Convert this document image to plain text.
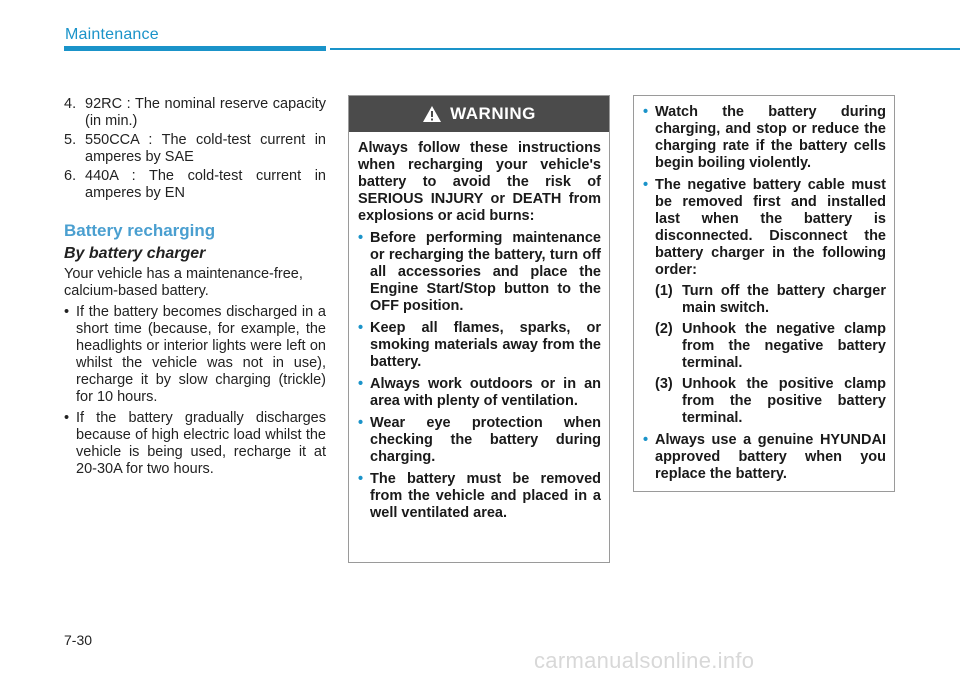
Maintenance
4. 92RC : The nominal reserve capacity (in min.)
5. 550CCA : The cold-test current in amperes by SAE
6. 440A : The cold-test current in amperes by EN
Battery recharging
By battery charger
Your vehicle has a maintenance-free, calcium-based battery.
• If the battery becomes discharged in a short time (because, for example, the headlights or interior lights were left on whilst the vehicle was not in use), recharge it by slow charging (trickle) for 10 hours.
• If the battery gradually discharges because of high electric load whilst the vehicle is being used, recharge it at 20-30A for two hours.
WARNING
Always follow these instructions when recharging your vehicle's battery to avoid the risk of SERIOUS INJURY or DEATH from explosions or acid burns:
• Before performing maintenance or recharging the battery, turn off all accessories and place the Engine Start/Stop button to the OFF position.
• Keep all flames, sparks, or smoking materials away from the battery.
• Always work outdoors or in an area with plenty of ventilation.
• Wear eye protection when checking the battery during charging.
• The battery must be removed from the vehicle and placed in a well ventilated area.
• Watch the battery during charging, and stop or reduce the charging rate if the battery cells begin boiling violently.
• The negative battery cable must be removed first and installed last when the battery is disconnected. Disconnect the battery charger in the following order:
(1) Turn off the battery charger main switch.
(2) Unhook the negative clamp from the negative battery terminal.
(3) Unhook the positive clamp from the positive battery terminal.
• Always use a genuine HYUNDAI approved battery when you replace the battery.
7-30
carmanualsonline.info
